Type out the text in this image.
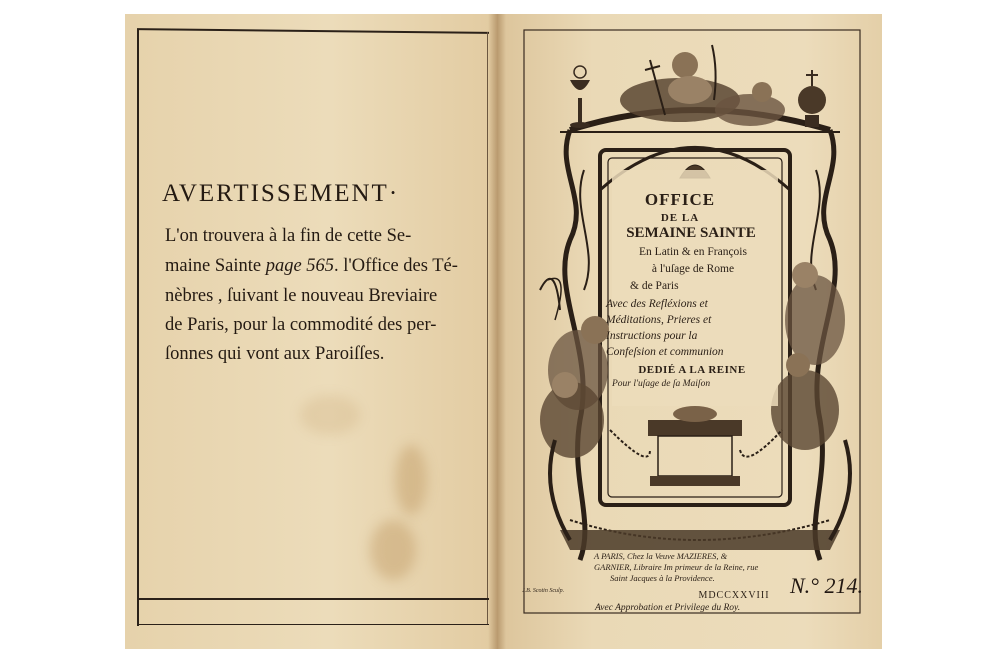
AVERTISSEMENT·
L'on trouvera à la fin de cette Se-
maine Sainte page 565. l'Office des Té-
nèbres , ſuivant le nouveau Breviaire
de Paris, pour la commodité des per-
ſonnes qui vont aux Paroiſſes.
OFFICE
DE LA
SEMAINE SAINTE
En Latin & en François
à l'uſage de Rome
& de Paris
Avec des Refléxions et
Méditations, Prieres et
Instructions pour la
Confeſsion et communion
DEDIÉ A LA REINE
Pour l'uſage de ſa Maiſon
A PARIS, Chez la Veuve MAZIERES, &
GARNIER, Libraire Im primeur de la Reine, rue
Saint Jacques à la Providence.
MDCCXXVIII
Avec Approbation et Privilege du Roy.
J.B. Scotin Sculp.	N.° 214.
